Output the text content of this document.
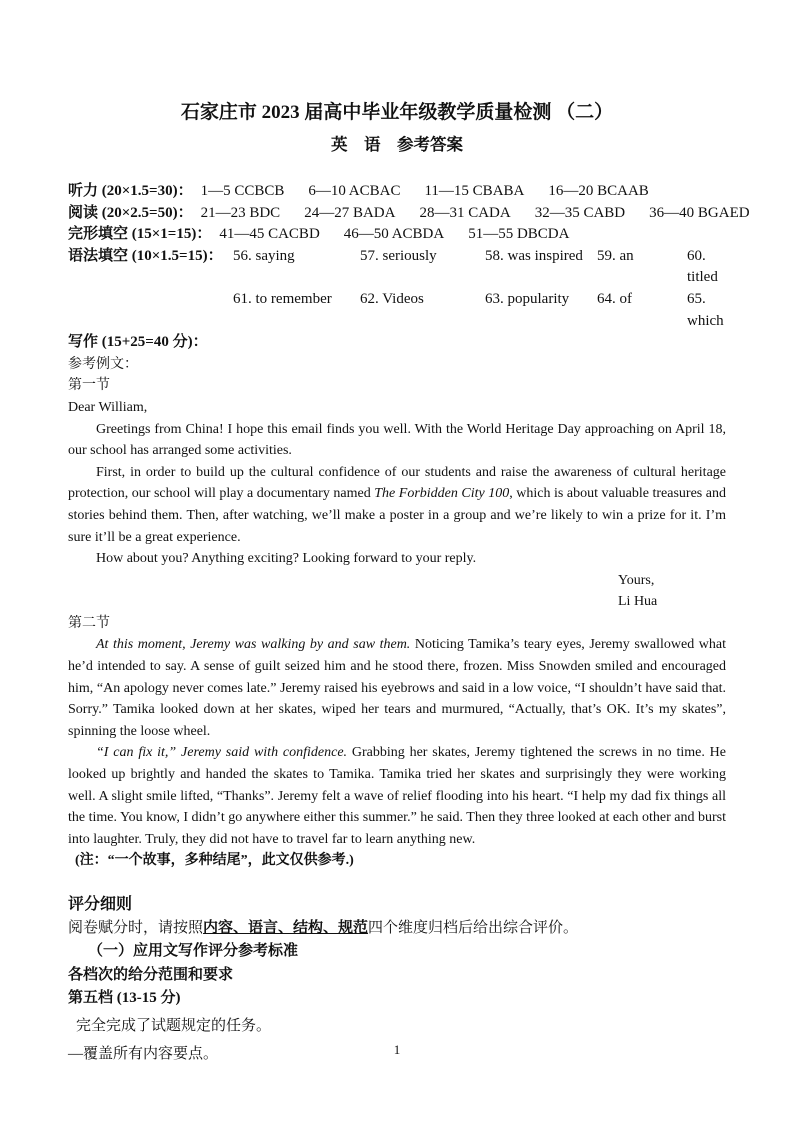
石家庄市 2023 届高中毕业年级教学质量检测 （二）
英　语　参考答案
听力 (20×1.5=30)： 1—5 CCBCB 6—10 ACBAC 11—15 CBABA 16—20 BCAAB
阅读 (20×2.5=50)： 21—23 BDC 24—27 BADA 28—31 CADA 32—35 CABD 36—40 BGAED
完形填空 (15×1=15)： 41—45 CACBD 46—50 ACBDA 51—55 DBCDA
语法填空 (10×1.5=15)： 56. saying	57. seriously	58. was inspired 59. an	60. titled
61. to remember	62. Videos	63. popularity	64. of	65. which
写作 (15+25=40 分)：
参考例文：
第一节
Dear William,

Greetings from China! I hope this email finds you well. With the World Heritage Day approaching on April 18, our school has arranged some activities.

First, in order to build up the cultural confidence of our students and raise the awareness of cultural heritage protection, our school will play a documentary named The Forbidden City 100, which is about valuable treasures and stories behind them. Then, after watching, we’ll make a poster in a group and we’re likely to win a prize for it. I’m sure it’ll be a great experience.

How about you? Anything exciting? Looking forward to your reply.

Yours,
Li Hua
第二节

At this moment, Jeremy was walking by and saw them. Noticing Tamika’s teary eyes, Jeremy swallowed what he’d intended to say. A sense of guilt seized him and he stood there, frozen. Miss Snowden smiled and encouraged him, “An apology never comes late.” Jeremy raised his eyebrows and said in a low voice, “I shouldn’t have said that. Sorry.” Tamika looked down at her skates, wiped her tears and murmured, “Actually, that’s OK. It’s my skates”, spinning the loose wheel.

“I can fix it,” Jeremy said with confidence. Grabbing her skates, Jeremy tightened the screws in no time. He looked up brightly and handed the skates to Tamika. Tamika tried her skates and surprisingly they were working well. A slight smile lifted, “Thanks”. Jeremy felt a wave of relief flooding into his heart. “I help my dad fix things all the time. You know, I didn’t go anywhere either this summer.” he said. Then they three looked at each other and burst into laughter. Truly, they did not have to travel far to learn anything new.

(注：“一个故事，多种结尾”，此文仅供参考.)
评分细则
阅卷赋分时，请按照内容、语言、结构、规范四个维度归档后给出综合评价。
（一）应用文写作评分参考标准
各档次的给分范围和要求
第五档 (13-15 分)
完全完成了试题规定的任务。
—覆盖所有内容要点。	1
